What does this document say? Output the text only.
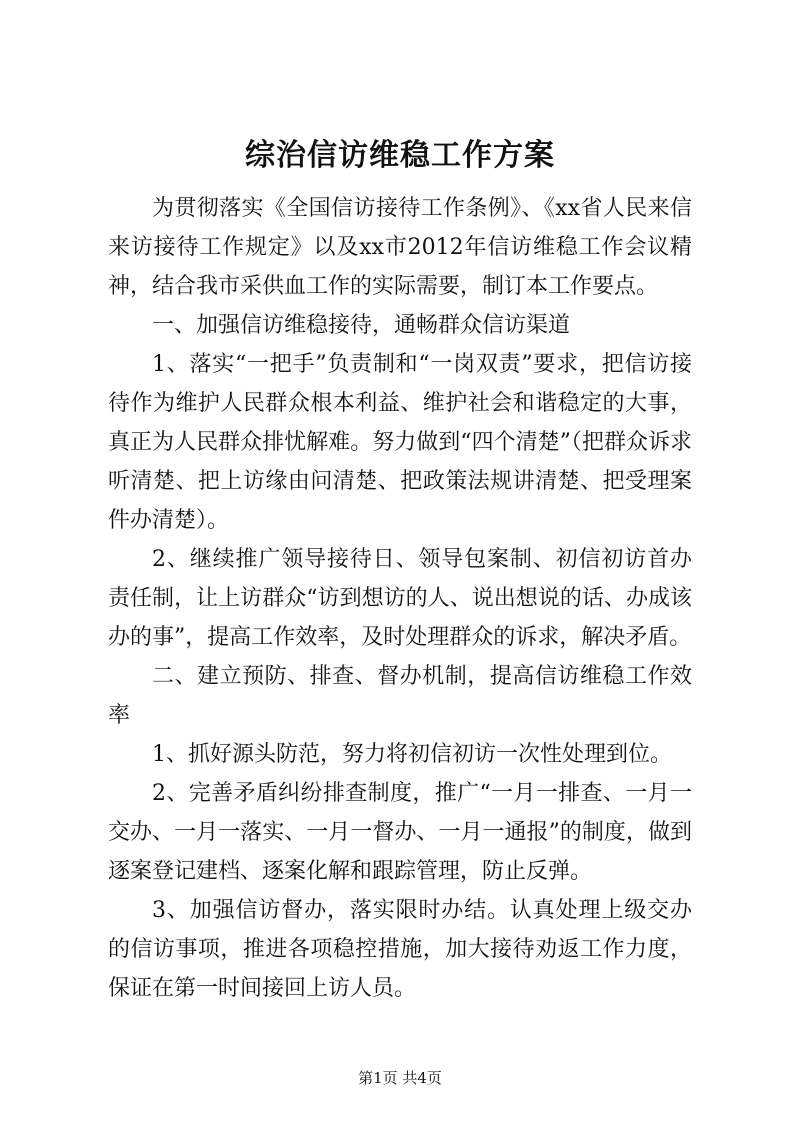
综治信访维稳工作方案

为贯彻落实《全国信访接待工作条例》、《xx省人民来信来访接待工作规定》以及xx市2012年信访维稳工作会议精神，结合我市采供血工作的实际需要，制订本工作要点。

一、加强信访维稳接待，通畅群众信访渠道

1、落实“一把手”负责制和“一岗双责”要求，把信访接待作为维护人民群众根本利益、维护社会和谐稳定的大事，真正为人民群众排忧解难。努力做到“四个清楚”（把群众诉求听清楚、把上访缘由问清楚、把政策法规讲清楚、把受理案件办清楚）。

2、继续推广领导接待日、领导包案制、初信初访首办责任制，让上访群众“访到想访的人、说出想说的话、办成该办的事”，提高工作效率，及时处理群众的诉求，解决矛盾。

二、建立预防、排查、督办机制，提高信访维稳工作效率

1、抓好源头防范，努力将初信初访一次性处理到位。

2、完善矛盾纠纷排查制度，推广“一月一排查、一月一交办、一月一落实、一月一督办、一月一通报”的制度，做到逐案登记建档、逐案化解和跟踪管理，防止反弹。

3、加强信访督办，落实限时办结。认真处理上级交办的信访事项，推进各项稳控措施，加大接待劝返工作力度，保证在第一时间接回上访人员。

第1页 共4页
